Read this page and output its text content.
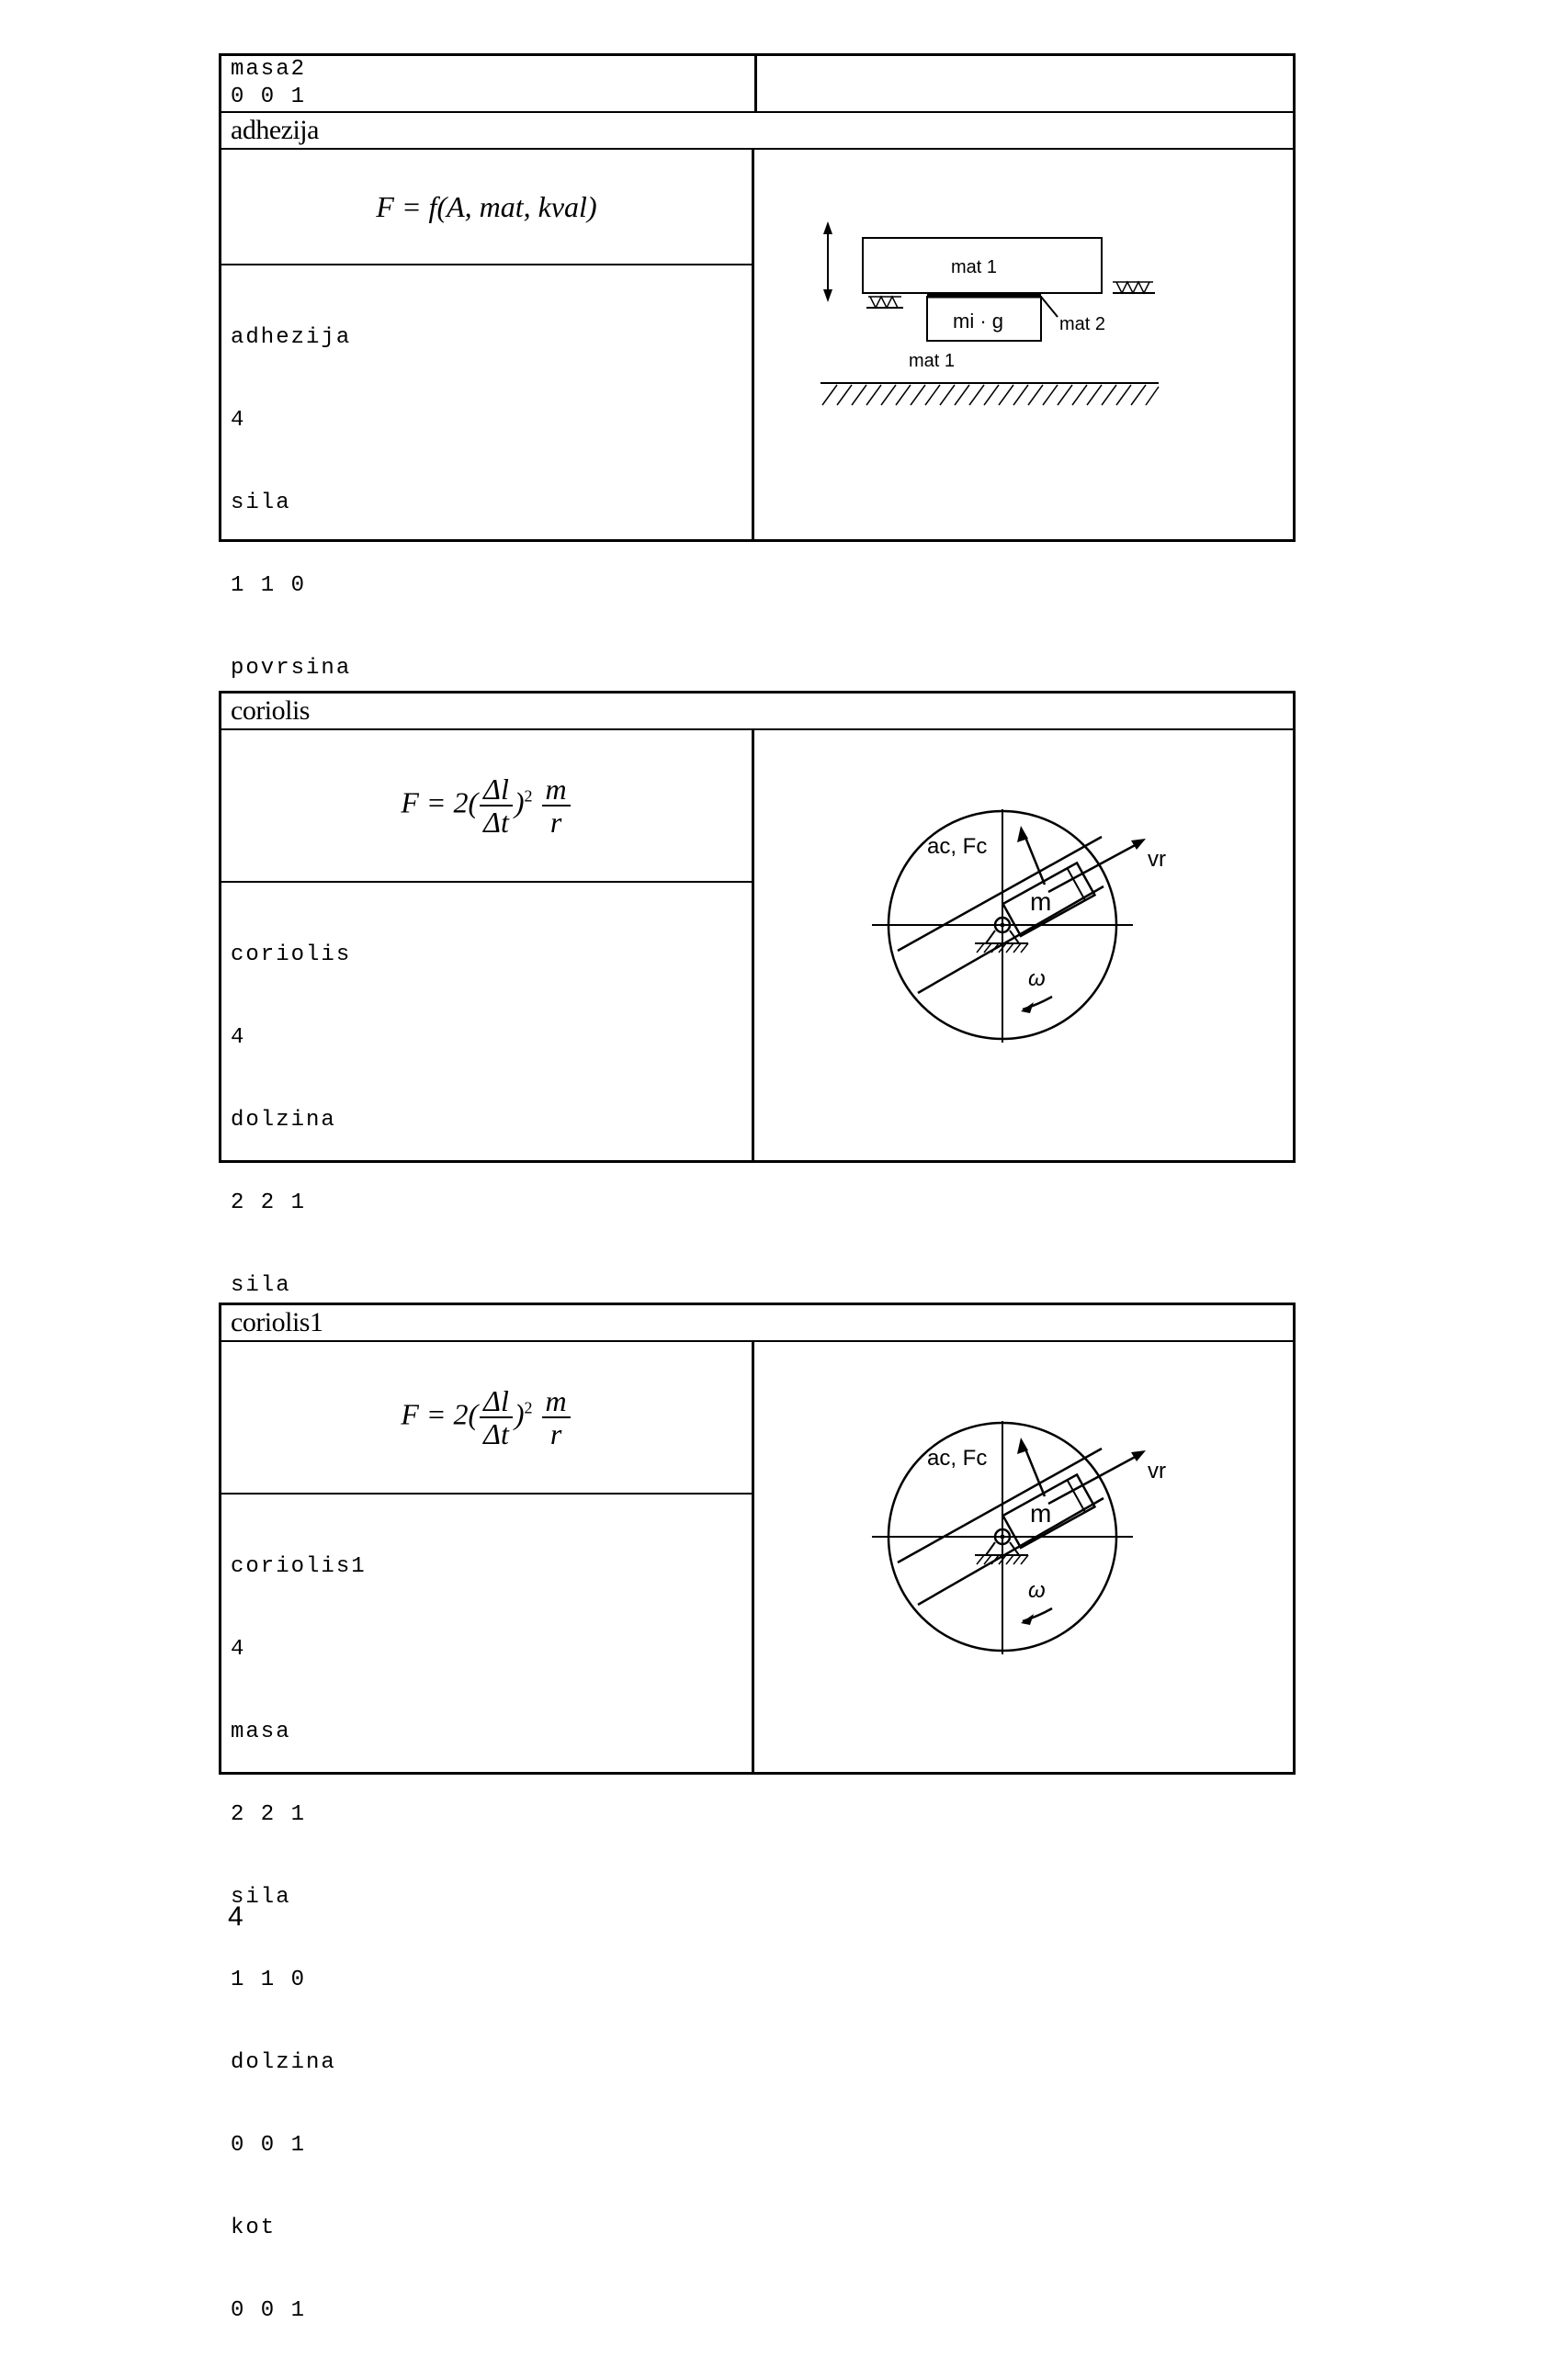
masa2
0 0 1
adhezija
F = f(A, mat, kval)

adhezija

4

sila

1 1 0

povrsina

mat 1
mi · g	mat 2
mat 1
coriolis
$F = 2( \frac{\Delta l}{\Delta t} )^2 \frac{m}{r}$

coriolis

4

dolzina

2 2 1

sila

m
vr
ac, Fc
ω
coriolis1
$F = 2( \frac{\Delta l}{\Delta t} )^2 \frac{m}{r}$

coriolis1

4

masa

2 2 1

sila

1 1 0

dolzina

0 0 1

kot

0 0 1

m
vr
ac, Fc
ω
4
